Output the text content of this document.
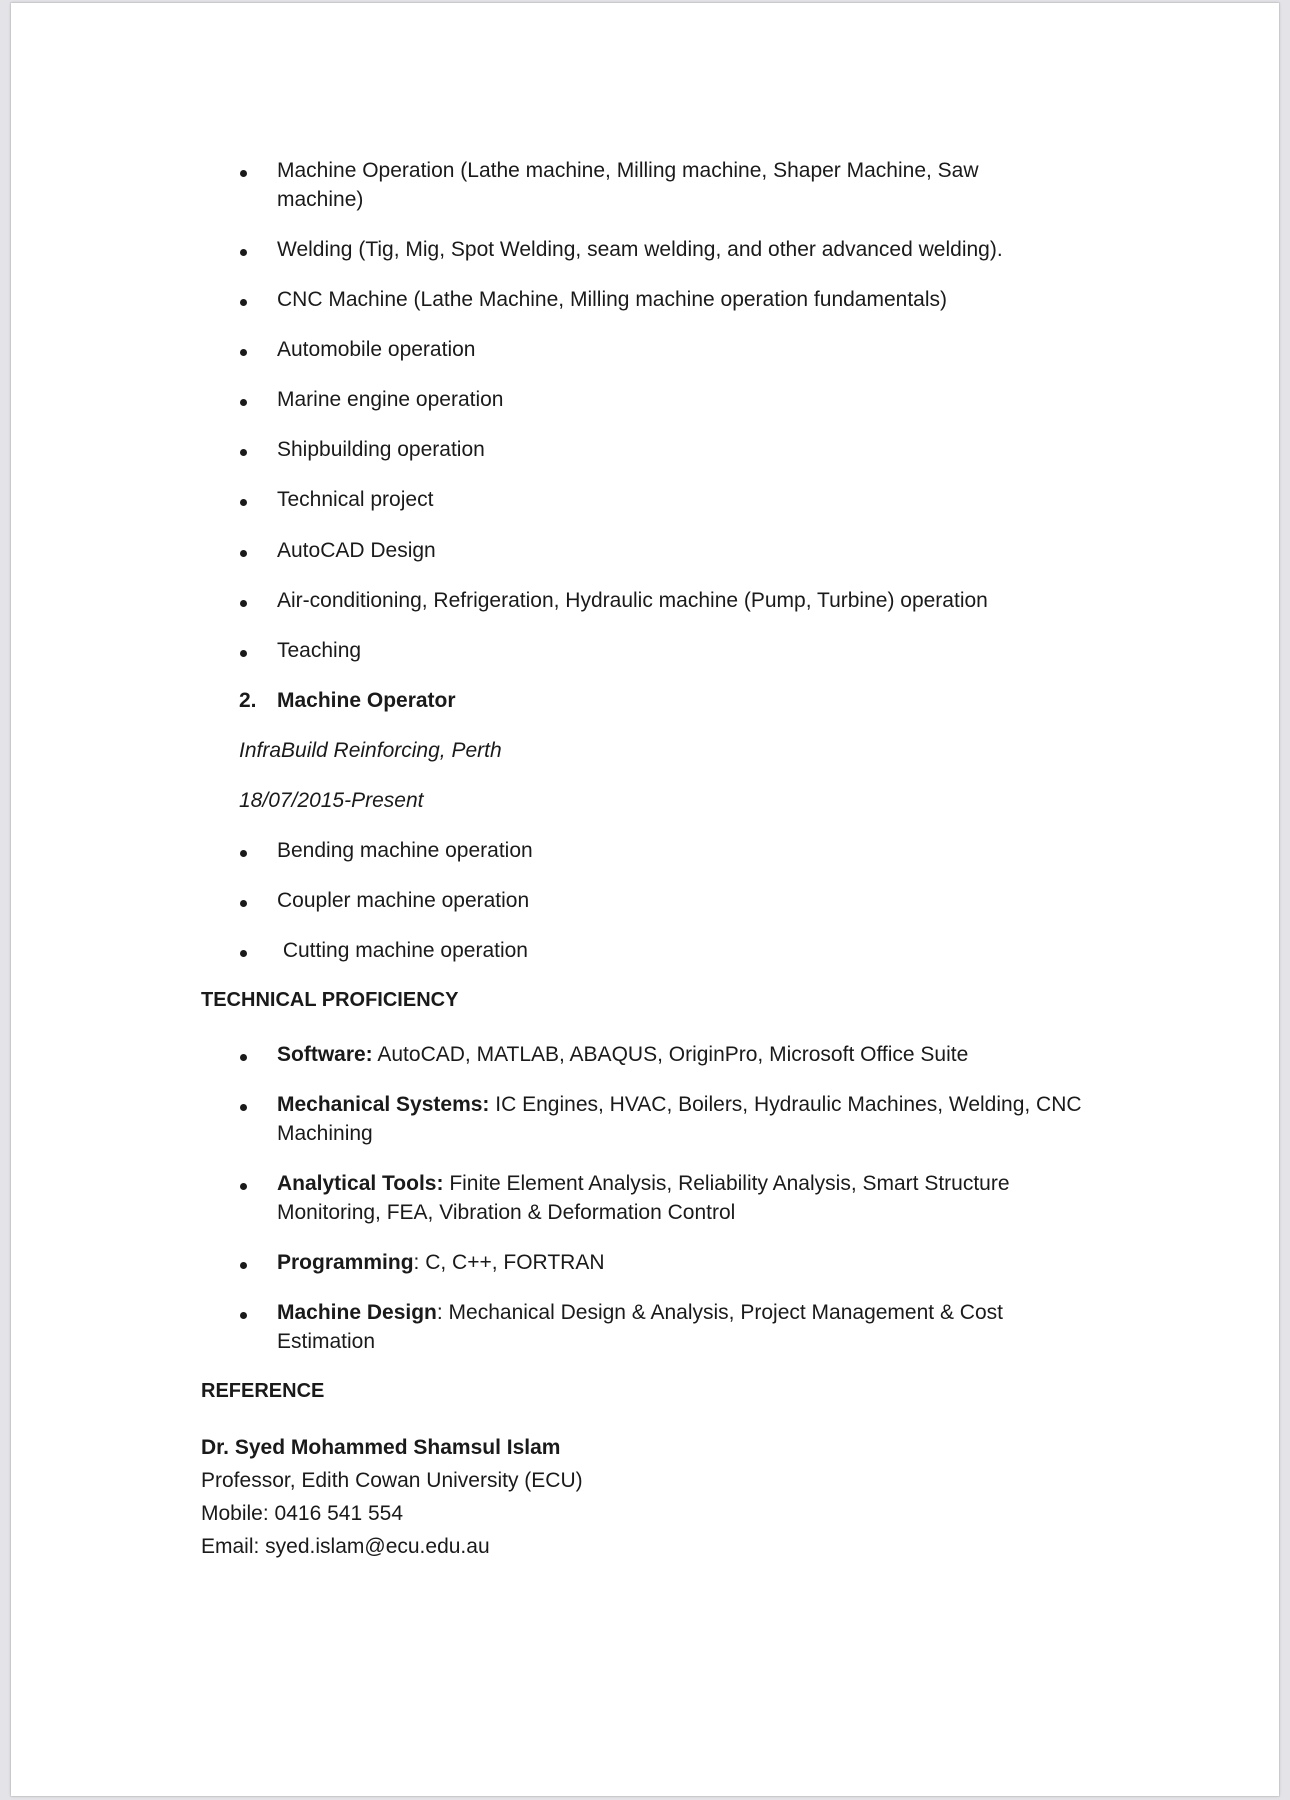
Machine Operation (Lathe machine, Milling machine, Shaper Machine, Saw
machine)
Welding (Tig, Mig, Spot Welding, seam welding, and other advanced welding).
CNC Machine (Lathe Machine, Milling machine operation fundamentals)
Automobile operation
Marine engine operation
Shipbuilding operation
Technical project
AutoCAD Design
Air-conditioning, Refrigeration, Hydraulic machine (Pump, Turbine) operation
Teaching
2. Machine Operator
InfraBuild Reinforcing, Perth
18/07/2015-Present
Bending machine operation
Coupler machine operation
Cutting machine operation
TECHNICAL PROFICIENCY
Software: AutoCAD, MATLAB, ABAQUS, OriginPro, Microsoft Office Suite
Mechanical Systems: IC Engines, HVAC, Boilers, Hydraulic Machines, Welding, CNC
Machining
Analytical Tools: Finite Element Analysis, Reliability Analysis, Smart Structure
Monitoring, FEA, Vibration & Deformation Control
Programming: C, C++, FORTRAN
Machine Design: Mechanical Design & Analysis, Project Management & Cost
Estimation
REFERENCE
Dr. Syed Mohammed Shamsul Islam
Professor, Edith Cowan University (ECU)
Mobile: 0416 541 554
Email: syed.islam@ecu.edu.au
